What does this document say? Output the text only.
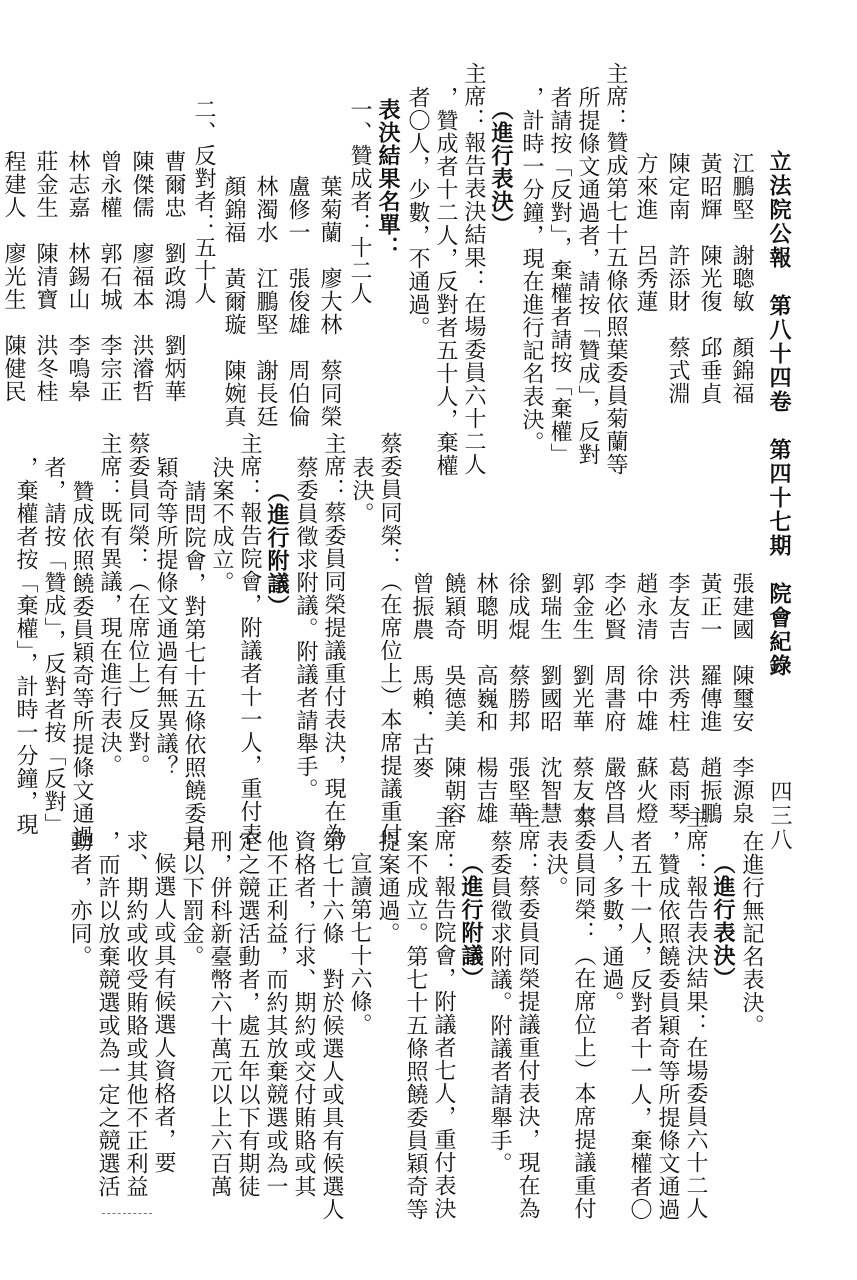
立法院公報　第八十四卷　第四十七期　院會紀錄
四三八
江鵬堅　謝聰敏　顏錦福
黃昭輝　陳光復　邱垂貞
陳定南　許添財　蔡式淵
方來進　呂秀蓮
主席：贊成第七十五條依照葉委員菊蘭等
所提條文通過者，請按「贊成」，反對
者請按「反對」，棄權者請按「棄權」
，計時一分鐘，現在進行記名表決。
（進行表決）
主席：報告表決結果：在場委員六十二人
，贊成者十二人，反對者五十人，棄權
者〇人，少數，不通過。
表決結果名單：
一、贊成者：十二人
葉菊蘭　廖大林　蔡同榮
盧修一　張俊雄　周伯倫
林濁水　江鵬堅　謝長廷
顏錦福　黃爾璇　陳婉真
二、反對者：五十人
曹爾忠　劉政鴻　劉炳華
陳傑儒　廖福本　洪濬哲
曾永權　郭石城　李宗正
林志嘉　林錫山　李鳴皋
莊金生　陳清寶　洪冬桂
程建人　廖光生　陳健民
張建國　陳璽安　李源泉
黃正一　羅傳進　趙振鵬
李友吉　洪秀柱　葛雨琴
趙永清　徐中雄　蘇火燈
李必賢　周書府　嚴啓昌
郭金生　劉光華　蔡友士
劉瑞生　劉國昭　沈智慧
徐成焜　蔡勝邦　張堅華
林聰明　高巍和　楊吉雄
饒穎奇　吳德美　陳朝容
曾振農　馬賴．古麥
蔡委員同榮：（在席位上）本席提議重付
表決。
主席：蔡委員同榮提議重付表決，現在為
蔡委員徵求附議。附議者請舉手。
（進行附議）
主席：報告院會，附議者十一人，重付表
決案不成立。
請問院會，對第七十五條依照饒委員
穎奇等所提條文通過有無異議？
蔡委員同榮：（在席位上）反對。
主席：既有異議，現在進行表決。
贊成依照饒委員穎奇等所提條文通過
者，請按「贊成」，反對者按「反對」
，棄權者按「棄權」，計時一分鐘，現
在進行無記名表決。
（進行表決）
主席：報告表決結果：在場委員六十二人
，贊成依照饒委員穎奇等所提條文通過
者五十一人，反對者十一人，棄權者〇
人，多數，通過。
蔡委員同榮：（在席位上）本席提議重付
表決。
主席：蔡委員同榮提議重付表決，現在為
蔡委員徵求附議。附議者請舉手。
（進行附議）
主席：報告院會，附議者七人，重付表決
案不成立。第七十五條照饒委員穎奇等
提案通過。
宣讀第七十六條。
第七十六條　對於候選人或具有候選人
資格者，行求、期約或交付賄賂或其
他不正利益，而約其放棄競選或為一
定之競選活動者，處五年以下有期徒
刑，併科新臺幣六十萬元以上六百萬
元以下罰金。
候選人或具有候選人資格者，要
求、期約或收受賄賂或其他不正利益
，而許以放棄競選或為一定之競選活
動者，亦同。
